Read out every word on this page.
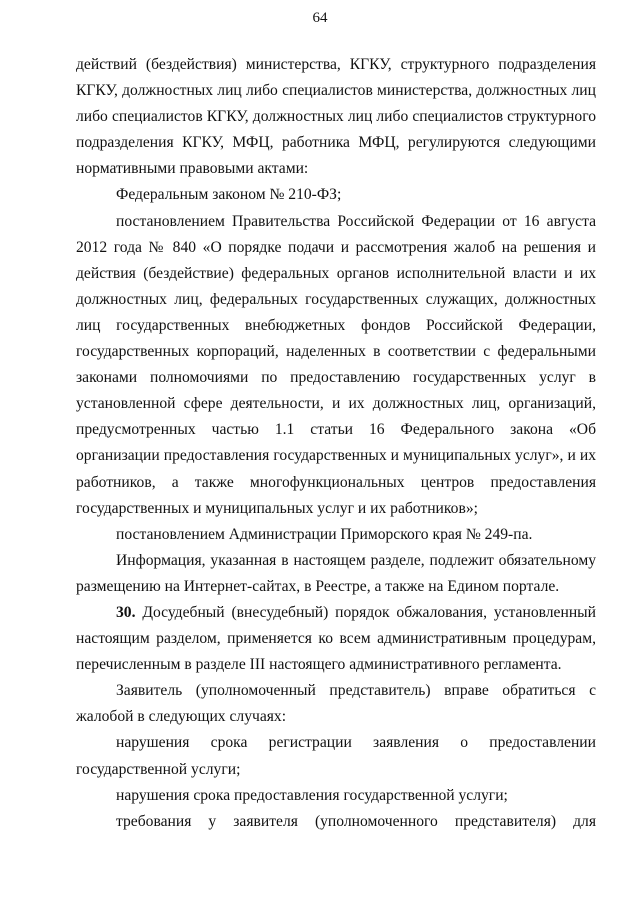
64

действий (бездействия) министерства, КГКУ, структурного подразделения КГКУ, должностных лиц либо специалистов министерства, должностных лиц либо специалистов КГКУ, должностных лиц либо специалистов структурного подразделения КГКУ, МФЦ, работника МФЦ, регулируются следующими нормативными правовыми актами:

Федеральным законом № 210-ФЗ;

постановлением Правительства Российской Федерации от 16 августа 2012 года № 840 «О порядке подачи и рассмотрения жалоб на решения и действия (бездействие) федеральных органов исполнительной власти и их должностных лиц, федеральных государственных служащих, должностных лиц государственных внебюджетных фондов Российской Федерации, государственных корпораций, наделенных в соответствии с федеральными законами полномочиями по предоставлению государственных услуг в установленной сфере деятельности, и их должностных лиц, организаций, предусмотренных частью 1.1 статьи 16 Федерального закона «Об организации предоставления государственных и муниципальных услуг», и их работников, а также многофункциональных центров предоставления государственных и муниципальных услуг и их работников»;

постановлением Администрации Приморского края № 249-па.

Информация, указанная в настоящем разделе, подлежит обязательному размещению на Интернет-сайтах, в Реестре, а также на Едином портале.

30. Досудебный (внесудебный) порядок обжалования, установленный настоящим разделом, применяется ко всем административным процедурам, перечисленным в разделе III настоящего административного регламента.

Заявитель (уполномоченный представитель) вправе обратиться с жалобой в следующих случаях:

нарушения срока регистрации заявления о предоставлении государственной услуги;

нарушения срока предоставления государственной услуги;

требования у заявителя (уполномоченного представителя) для
